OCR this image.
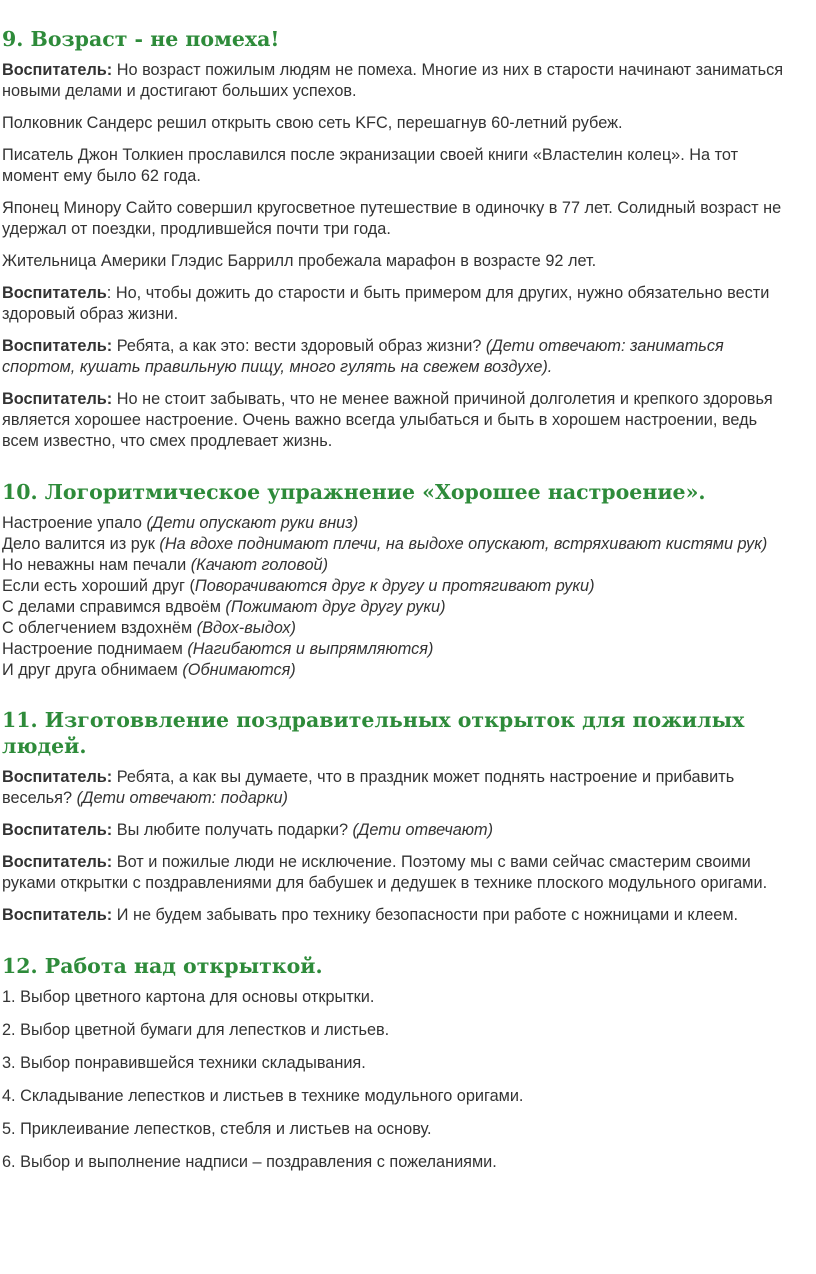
9. Возраст - не помеха!

Воспитатель: Но возраст пожилым людям не помеха. Многие из них в старости начинают заниматься новыми делами и достигают больших успехов.

Полковник Сандерс решил открыть свою сеть KFC, перешагнув 60-летний рубеж.

Писатель Джон Толкиен прославился после экранизации своей книги «Властелин колец». На тот момент ему было 62 года.

Японец Минору Сайто совершил кругосветное путешествие в одиночку в 77 лет. Солидный возраст не удержал от поездки, продлившейся почти три года.

Жительница Америки Глэдис Баррилл пробежала марафон в возрасте 92 лет.

Воспитатель: Но, чтобы дожить до старости и быть примером для других, нужно обязательно вести здоровый образ жизни.

Воспитатель: Ребята, а как это: вести здоровый образ жизни? (Дети отвечают: заниматься спортом, кушать правильную пищу, много гулять на свежем воздухе).

Воспитатель: Но не стоит забывать, что не менее важной причиной долголетия и крепкого здоровья является хорошее настроение. Очень важно всегда улыбаться и быть в хорошем настроении, ведь всем известно, что смех продлевает жизнь.

10. Логоритмическое упражнение «Хорошее настроение».
Настроение упало (Дети опускают руки вниз)
Дело валится из рук (На вдохе поднимают плечи, на выдохе опускают, встряхивают кистями рук)
Но неважны нам печали (Качают головой)
Если есть хороший друг (Поворачиваются друг к другу и протягивают руки)
С делами справимся вдвоём (Пожимают друг другу руки)
С облегчением вздохнём (Вдох-выдох)
Настроение поднимаем (Нагибаются и выпрямляются)
И друг друга обнимаем (Обнимаются)
11. Изготоввление поздравительных открыток для пожилых людей.

Воспитатель: Ребята, а как вы думаете, что в праздник может поднять настроение и прибавить веселья? (Дети отвечают: подарки)

Воспитатель: Вы любите получать подарки? (Дети отвечают)

Воспитатель: Вот и пожилые люди не исключение. Поэтому мы с вами сейчас смастерим своими руками открытки с поздравлениями для бабушек и дедушек в технике плоского модульного оригами.

Воспитатель: И не будем забывать про технику безопасности при работе с ножницами и клеем.

12. Работа над открыткой.

1. Выбор цветного картона для основы открытки.

2. Выбор цветной бумаги для лепестков и листьев.

3. Выбор понравившейся техники складывания.

4. Складывание лепестков и листьев в технике модульного оригами.

5. Приклеивание лепестков, стебля и листьев на основу.

6. Выбор и выполнение надписи – поздравления с пожеланиями.
